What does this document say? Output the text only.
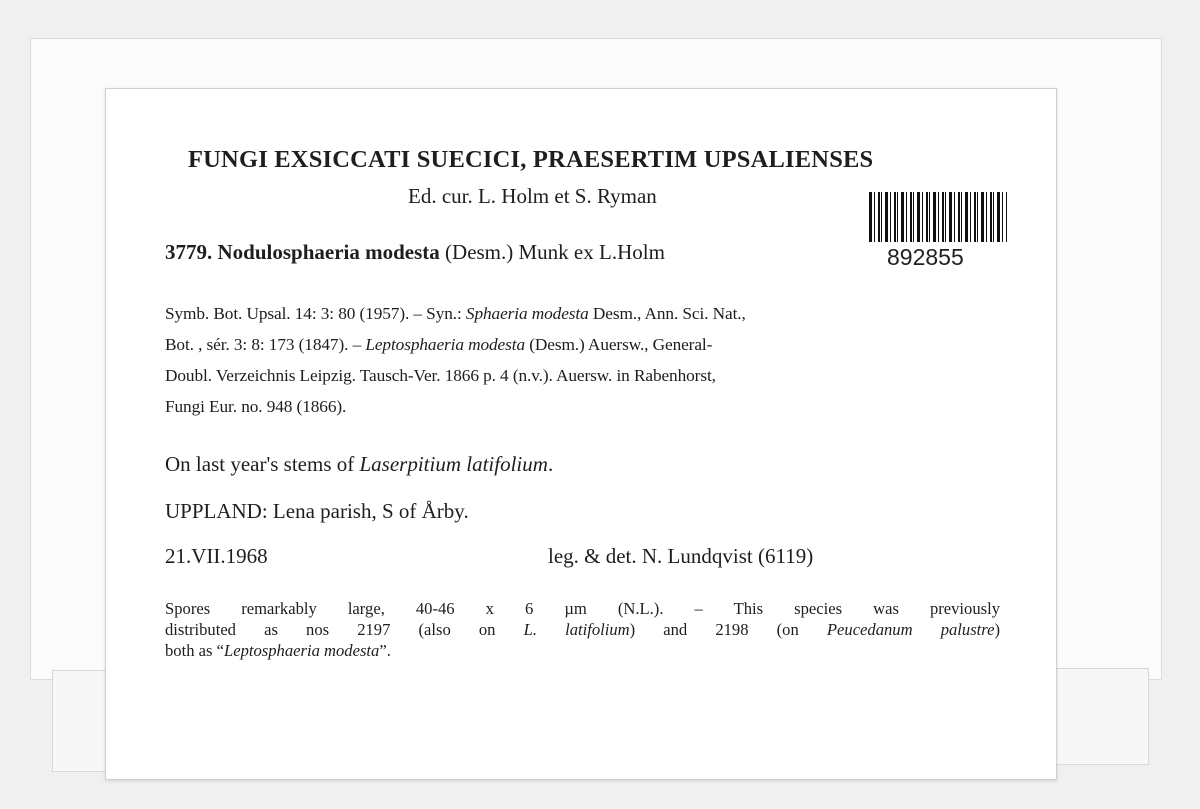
FUNGI EXSICCATI SUECICI, PRAESERTIM UPSALIENSES
Ed. cur. L. Holm et S. Ryman
3779. Nodulosphaeria modesta (Desm.) Munk ex L.Holm	892855
Symb. Bot. Upsal. 14: 3: 80 (1957). – Syn.: Sphaeria modesta Desm., Ann. Sci. Nat.,
Bot. , sér. 3: 8: 173 (1847). – Leptosphaeria modesta (Desm.) Auersw., General-
Doubl. Verzeichnis Leipzig. Tausch-Ver. 1866 p. 4 (n.v.). Auersw. in Rabenhorst,
Fungi Eur. no. 948 (1866).
On last year's stems of Laserpitium latifolium.
UPPLAND: Lena parish, S of Årby.
21.VII.1968	leg. & det. N. Lundqvist (6119)
Spores remarkably large, 40-46 x 6 µm (N.L.). – This species was previously
distributed as nos 2197 (also on L. latifolium) and 2198 (on Peucedanum palustre)
both as “Leptosphaeria modesta”.
